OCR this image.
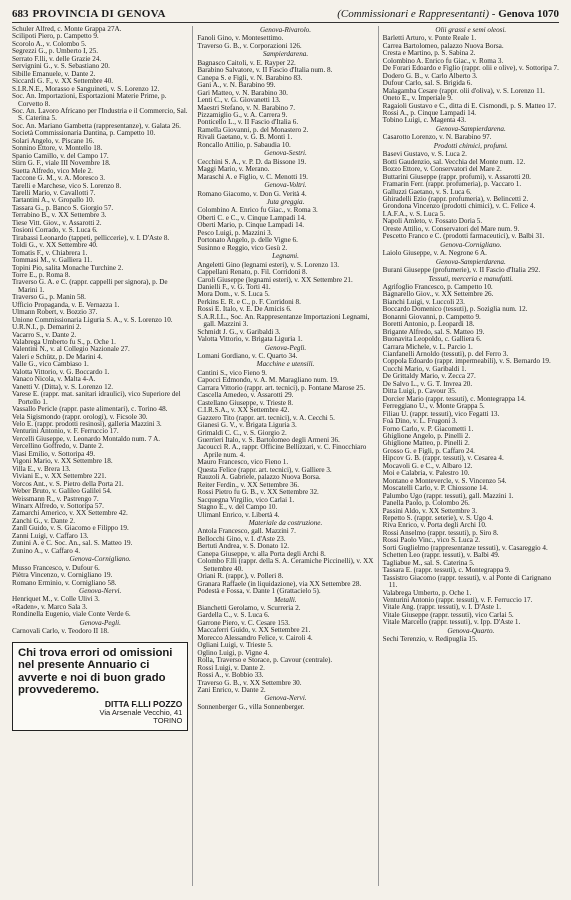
683 PROVINCIA DI GENOVA	(Commissionari e Rappresentanti) - Genova 1070
Schuler Alfred, c. Monte Grappa 27A.
Scilipoti Piero, p. Campetto 9.
Scorolo A., v. Colombo 5.
Segrezzi G., p. Umberto I, 25.
Serrato F.lli, v. delle Grazie 24.
Servignini G., v. S. Sebastiano 20.
Sibille Emanuele, v. Dante 2.
Siccardi G. F., v. XX Settembre 40.
S.I.R.N.E., Morasso e Sanguineti, v. S. Lorenzo 12.
Soc. An. Importazioni, Esportazioni Materie Prime, p. Corvetto 8.
Soc. An. Lavoro Africano per l'Industria e il Commercio, Sal. S. Caterina 5.
Soc. An. Mariano Gambetta (rappresentanze), v. Galata 26.
Società Commissionaria Dantina, p. Campetto 10.
Solari Angelo, v. Piscane 16.
Sonnino Ettore, v. Montello 18.
Spanio Camillo, v. del Campo 17.
Stirn G. F., viale III Novembre 18.
Suetta Alfredo, vico Mele 2.
Taccone G. M., v. A. Moresco 3.
Tarelli e Marchese, vico S. Lorenzo 8.
Tarelli Mario, v. Cavallotti 7.
Tartantini A., v. Gropallo 10.
Tassara G., p. Banco S. Giorgio 57.
Terrabino B., v. XX Settembre 3.
Tiese Vitt. Giov., v. Assarotti 2.
Tosioni Corrado, v. S. Luca 6.
Tirabassi Leonardo (tappeti, pelliccerie), v. I. D'Aste 8.
Toldi G., v. XX Settembre 40.
Tomatis F., v. Chiabrera 1.
Tommasi M., v. Galliera 11.
Topini Pio, salita Monache Turchine 2.
Torre E., p. Roma 8.
Traverso G. A. e C. (rappr. cappelli per signora), p. De Marini 1.
Traverso G., p. Manin 58.
Ufficio Propaganda, v. E. Vernazza 1.
Ulmann Robert, v. Bozzio 37.
Unione Commissionaria Liguria S. A., v. S. Lorenzo 10.
U.R.N.I., p. Demarini 2.
Vacarro S., v. Dante 2.
Valabrega Umberto fu S., p. Oche 1.
Valentini N., v. al Collegio Nazionale 27.
Valeri e Schütz, p. De Marini 4.
Valle G., vico Cambiaso 1.
Valotta Vittorio, v. G. Boccardo 1.
Vanaco Nicola, v. Malta 4-A.
Vanetti V. (Ditta), v. S. Lorenzo 12.
Varese E. (rappr. mat. sanitari idraulici), vico Superiore del Portello 1.
Vassallo Pericle (rappr. paste alimentari), c. Torino 48.
Vela Sigismondo (rappr. orologi), v. Ficsole 30.
Velo E. (rappr. prodotti resinosi), galleria Mazzini 3.
Venturini Antonio, v. F. Ferruccio 17.
Vercelli Giuseppe, v. Leonardo Montaldo num. 7 A.
Vercellino Goffredo, v. Dante 2.
Viasi Emilio, v. Sottoripa 49.
Vigoni Mario, v. XX Settembre 18.
Villa E., v. Brera 13.
Viviani E., v. XX Settembre 221.
Vorcos Ant., v. S. Pietro della Porta 21.
Weber Bruto, v. Galileo Galilei 54.
Weissmann R., v. Pastrengo 7.
Winarx Alfredo, v. Sottoripa 57.
Zamarchi Americo, v. XX Settembre 42.
Zanchi G., v. Dante 2.
Zanll Guido, v. S. Giacomo e Filippo 19.
Zanni Luigi, v. Caffaro 13.
Zunini A. e C. Soc. An., sal. S. Matteo 19.
Zunino A., v. Caffaro 4.
Genova-Cornigliano.
Musso Francesco, v. Dufour 6.
Piètra Vincenzo, v. Cornigliano 19.
Romano Erminio, v. Cornigliano 58.
Genova-Nervi.
Henriquet M., v. Colle Ulivi 3.
«Raden», v. Marco Sala 3.
Rondinella Eugenio, viale Conte Verde 6.
Genova-Pegli.
Carnovali Carlo, v. Teodoro II 18.
Chi trova errori od omissioni nel presente Annuario ci avverte e noi di buon grado provvederemo.
DITTA F.LLI POZZO
Via Arsenale Vecchio, 41
TORINO
Genova-Rivarolo.
Fanoli Gino, v. Montesettimo.
Traverso G. B., v. Corporazioni 126.
Sampierdarena.
Bagnasco Caitoli, v. E. Rayper 22.
Barabino Salvatore, v. II Fascio d'Italia num. 8.
Canepa S. e Figli, v. N. Barabino 83.
Gani A., v. N. Barabino 99.
Gari Matteo, v. N. Barabino 30.
Lenti C., v. G. Giovanetti 13.
Maestri Stefano, v. N. Barabino 7.
Pizzamiglio G., v. A. Carrera 9.
Ponticello L., v. II Fascio d'Italia 6.
Ramella Giovanni, p. del Monastero 2.
Rivali Gaetano, v. G. B. Monti 1.
Roncallo Attilio, p. Sabaudia 10.
Genova-Sestri.
Cecchini S. A., v. P. D. da Bissone 19.
Maggi Mario, v. Merano.
Maraschi A. e Figlio, v. C. Menotti 19.
Genova-Voltri.
Romano Giacomo, v. Don G. Verità 4.
Juta greggia.
Colombino A. Enrico fu Giac., v. Roma 3.
Oberti C. e C., v. Cinque Lampadi 14.
Oberti Mario, p. Cinque Lampadi 14.
Pesco Luigi, p. Mazzini 3.
Portonato Angelo, p. delle Vigne 6.
Susinno e Reggio, vico Gesù 2.
Legnami.
Angeletti Gino (legnami esteri), v. S. Lorenzo 13.
Cappellani Renato, p. Fil. Corridoni 8.
Caroli Giuseppe (legnami esteri), v. XX Settembre 21.
Danielli F., v. G. Torti 41.
Mora Dom., v. S. Luca 5.
Perkins E. R. e C., p. F. Corridoni 8.
Rossi E. Italo, v. E. De Amicis 6.
S.A.R.I.L., Soc. An. Rappresentanze Importazioni Legnami, gall. Mazzini 3.
Schmidt J. G., v. Garibaldi 3.
Valotta Vittorio, v. Brigata Liguria 1.
Genova-Pegli.
Lomani Gordiano, v. C. Quarto 34.
Macchine e utensili.
Cantini S., vico Fieno 9.
Capocci Edmondo, v. A. M. Maragliano num. 19.
Carrara Vittorio (rappr. art. tecnici), p. Fontane Marose 25.
Cascella Amedeo, v. Assarotti 29.
Castellano Giuseppe, v. Trieste 8.
C.I.R.S.A., v. XX Settembre 42.
Gazzero Tito (rappr. art. tecnici), v. A. Cecchi 5.
Gianesi G. V., v. Brigata Liguria 3.
Grimaldi C. C., v. S. Giorgio 2.
Guerrieri Italo, v. S. Bartolomeo degli Armeni 36.
Jacoucci R. A., rappr. Officine Bellizzari, v. C. Finocchiaro Aprile num. 4.
Mauro Francesco, vico Fieno 1.
Questa Felice (rappr. art. tecnici), v. Galliere 3.
Rauzoli A. Gabriele, palazzo Nuova Borsa.
Reiter Ferdin., v. XX Settembre 36.
Rossi Pietro fu G. B., v. XX Settembre 32.
Sacquegna Virgilio, vico Carlai 1.
Stagno E., v. del Campo 10.
Ulimanl Enrico, v. Libertà 4.
Materiale da costruzione.
Antola Francesco, gall. Mazzini 7.
Bellocchi Gino, v. I. d'Aste 23.
Bertuti Andrea, v. S. Donato 12.
Canepa Giuseppe, v. alla Porta degli Archi 8.
Colombo F.lli (rappr. della S. A. Ceramiche Piccinelli), v. XX Settembre 40.
Oriani R. (rappr.), v. Polleri 8.
Granara Raffaele (in liquidazione), via XX Settembre 28.
Podestà e Fossa, v. Dante 1 (Grattacielo 5).
Metalli.
Bianchetti Gerolamo, v. Scurreria 2.
Gardella C., v. S. Luca 6.
Garrone Piero, v. C. Cesare 153.
Maccaferri Guido, v. XX Settembre 21.
Morecco Alessandro Felice, v. Cairoli 4.
Ogliani Luigi, v. Trieste 5.
Oglino Luigi, p. Vigne 4.
Rolla, Traverso e Storace, p. Cavour (centrale).
Rossi Luigi, v. Dante 2.
Rossi A., v. Bobbio 33.
Traverso G. B., v. XX Settembre 30.
Zani Enrico, v. Dante 2.
Genova-Nervi.
Sonnenberger G., villa Sonnenberger.
Olii grassi e semi oleosi.
Barletti Arturo, v. Ponte Reale 1.
Carrea Bartolomeo, palazzo Nuova Borsa.
Cresta e Martino, p. S. Sabina 2.
Colombino A. Enrico fu Giac., v. Roma 3.
De Forari Edoardo e Figlio (rappr. olii e olive), v. Sottoripa 7.
Dodero G. B., v. Carlo Alberto 3.
Dufour Carlo, sal. S. Brigida 6.
Malagamba Cesare (rappr. olii d'oliva), v. S. Lorenzo 11.
Oneto E., v. Imperiale 9.
Ragaioli Gustavo e C., ditta di E. Cismondi, p. S. Matteo 17.
Rossi A., p. Cinque Lampadi 14.
Tobino Luigi, c. Magenta 43.
Genova-Sampierdarena.
Casarotto Lorenzo, v. N. Barabino 97.
Prodotti chimici, profumi.
Basevi Gustavo, v. S. Luca 2.
Botti Gaudenzio, sal. Vecchia del Monte num. 12.
Bozzo Ettore, v. Conservatori del Mare 2.
Buttarini Giuseppe (rappr. profumi), v. Assarotti 20.
Framarin Ferr. (rappr. profumeria), p. Vaccaro 1.
Galluzzi Gaetano, v. S. Luca 6.
Ghiradelli Ezio (rappr. profumeria), v. Belincetti 2.
Grondona Vincenzo (prodotti chimici), v. C. Felice 4.
I.A.F.A., v. S. Luca 5.
Napoli Amleto, v. Fossato Doria 5.
Oreste Attilio, v. Conservatori del Mare num. 9.
Pescetto Franco e C. (prodotti farmaceutici), v. Balbi 31.
Genova-Cornigliano.
Laiolo Giuseppe, v. A. Negrone 6 A.
Genova-Sampierdarena.
Burani Giuseppe (profumerie), v. II Fascio d'Italia 292.
Tessuti, merceria e manufatti.
Agrifoglio Francesco, p. Campetto 10.
Bagnarello Giov., v. XX Settembre 26.
Bianchi Luigi, v. Luccoli 23.
Boccardo Domenico (tessuti), p. Soziglia num. 12.
Bonanni Giovanni, p. Campetto 9.
Boretti Antonio, p. Leopardi 18.
Brigante Alfredo, sal. S. Matteo 19.
Buonavita Leopoldo, c. Galliera 6.
Carrara Michele, v. L. Parcio 1.
Cianfanelli Arnoldo (tessuti), p. del Ferro 3.
Coppola Edoardo (rappr. impermeabili), v. S. Bernardo 19.
Cucchi Mario, v. Garibaldi 1.
De Grittaldy Mario, v. Zecca 27.
De Salvo L., v. G. T. Invrea 20.
Ditta Luigi, p. Cavour 35.
Dorcier Mario (rappr. tessuti), c. Montegrappa 14.
Ferreggiano U., v. Monte Grappa 5.
Filiau U. (rappr. tessuti), vico Fegatti 13.
Foà Dino, v. L. Frugoni 3.
Forno Carlo, v. P. Giacometti 1.
Ghiglione Angelo, p. Pinelli 2.
Ghiglione Matteo, p. Pinelli 2.
Grosso G. e Figli, p. Caffaro 24.
Hipcov G. B. (rappr. tessuti), v. Cesarea 4.
Mocavoli G. e C., v. Albaro 12.
Moi e Calabria, v. Palestro 10.
Montano e Montevercle, v. S. Vincenzo 54.
Moscatelli Carlo, v. P. Chiossone 14.
Palumbo Ugo (rappr. tessuti), gall. Mazzini 1.
Panella Paolo, p. Colombo 26.
Passini Aldo, v. XX Settembre 3.
Repetto S. (rappr. seterie), v. S. Ugo 4.
Riva Enrico, v. Porta degli Archi 10.
Rossi Anselmo (rappr. tessuti), p. Siro 8.
Rossi Paolo Vinc., vico S. Luca 2.
Sorti Guglielmo (rappresentanze tessuti), v. Casareggio 4.
Schetten Leo (rappr. tessuti), v. Balbi 49.
Tagliabue M., sal. S. Caterina 5.
Tassara E. (rappr. tessuti), c. Montegrappa 9.
Tassistro Giacomo (rappr. tessuti), v. al Ponte di Carignano 11.
Valabrega Umberto, p. Oche 1.
Venturini Antonio (rappr. tessuti), v. F. Ferruccio 17.
Vitale Ang. (rappr. tessuti), v. I. D'Aste 1.
Vitale Giuseppe (rappr. tessuti), vico Carlai 5.
Vitale Marcello (rappr. tessuti), v. Ipp. D'Aste 1.
Genova-Quarto.
Sechi Terenzio, v. Redipuglia 15.
